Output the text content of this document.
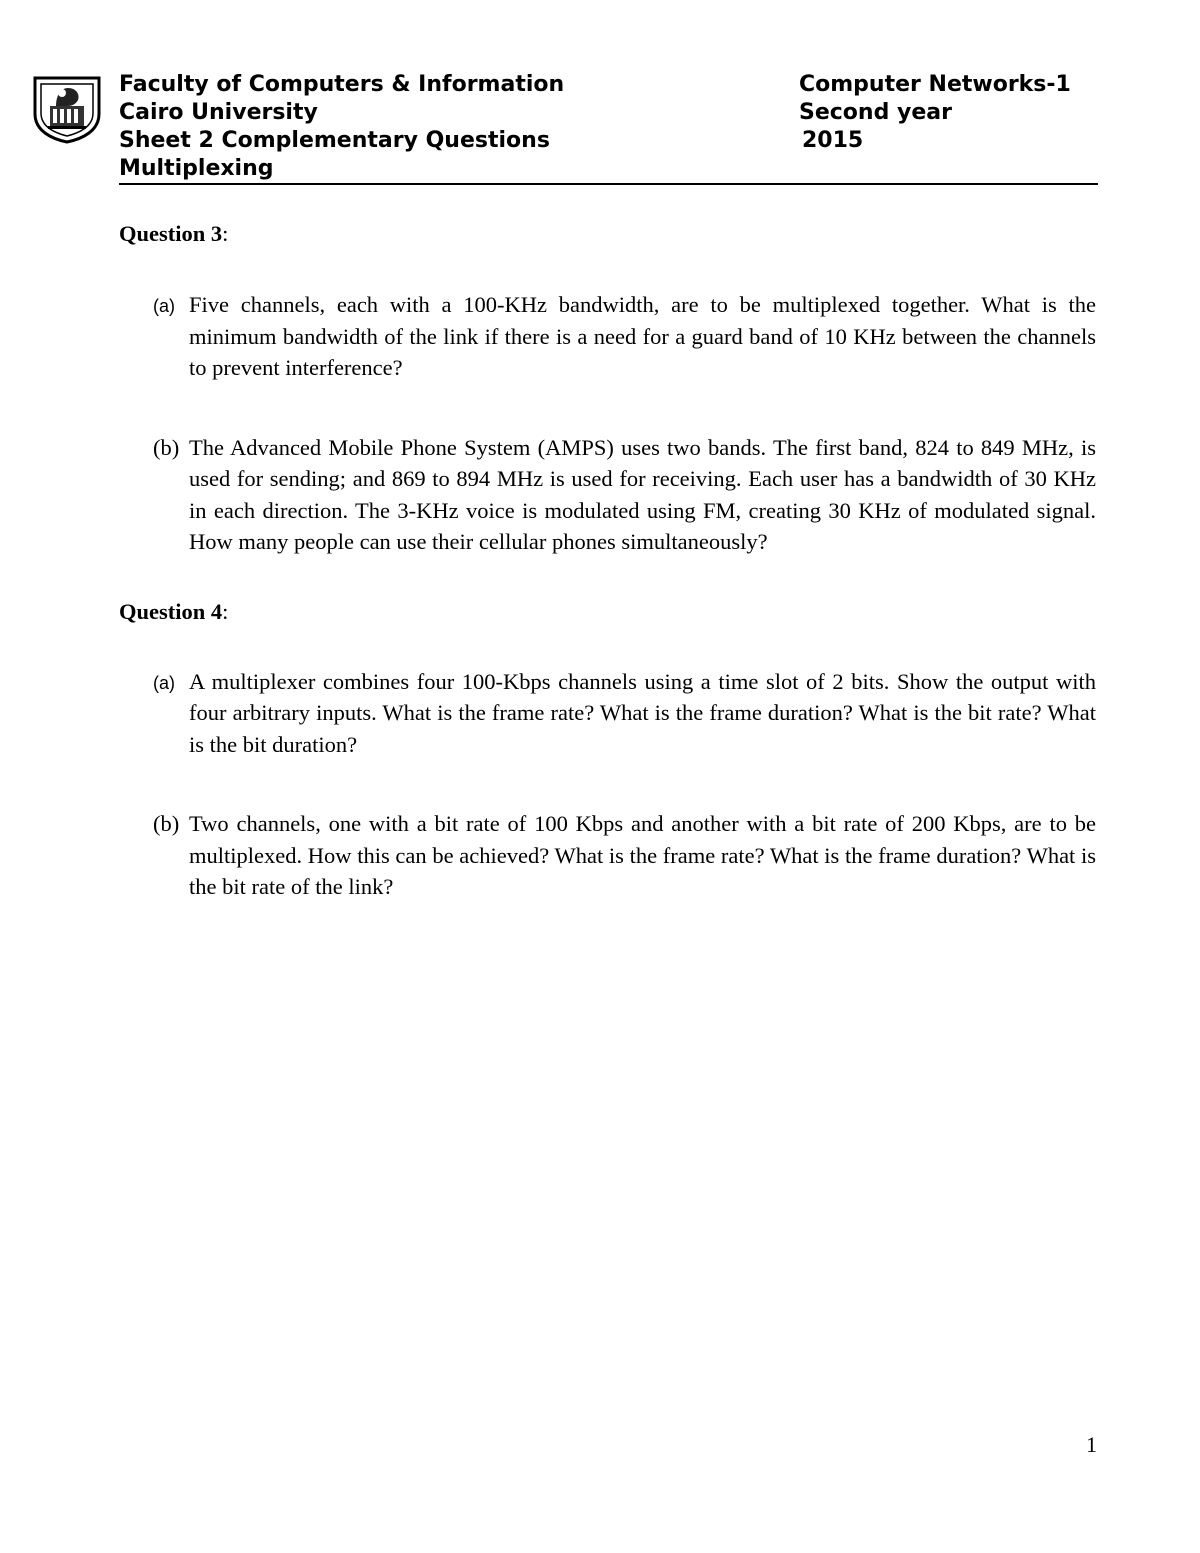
Faculty of Computers & Information
Cairo University
Sheet 2 Complementary Questions
Multiplexing
Computer Networks-1
Second year
2015

Question 3:

(a) Five channels, each with a 100-KHz bandwidth, are to be multiplexed together. What is the minimum bandwidth of the link if there is a need for a guard band of 10 KHz between the channels to prevent interference?

(b) The Advanced Mobile Phone System (AMPS) uses two bands. The first band, 824 to 849 MHz, is used for sending; and 869 to 894 MHz is used for receiving. Each user has a bandwidth of 30 KHz in each direction. The 3-KHz voice is modulated using FM, creating 30 KHz of modulated signal. How many people can use their cellular phones simultaneously?

Question 4:

(a) A multiplexer combines four 100-Kbps channels using a time slot of 2 bits. Show the output with four arbitrary inputs. What is the frame rate? What is the frame duration? What is the bit rate? What is the bit duration?

(b) Two channels, one with a bit rate of 100 Kbps and another with a bit rate of 200 Kbps, are to be multiplexed. How this can be achieved? What is the frame rate? What is the frame duration? What is the bit rate of the link?

1
